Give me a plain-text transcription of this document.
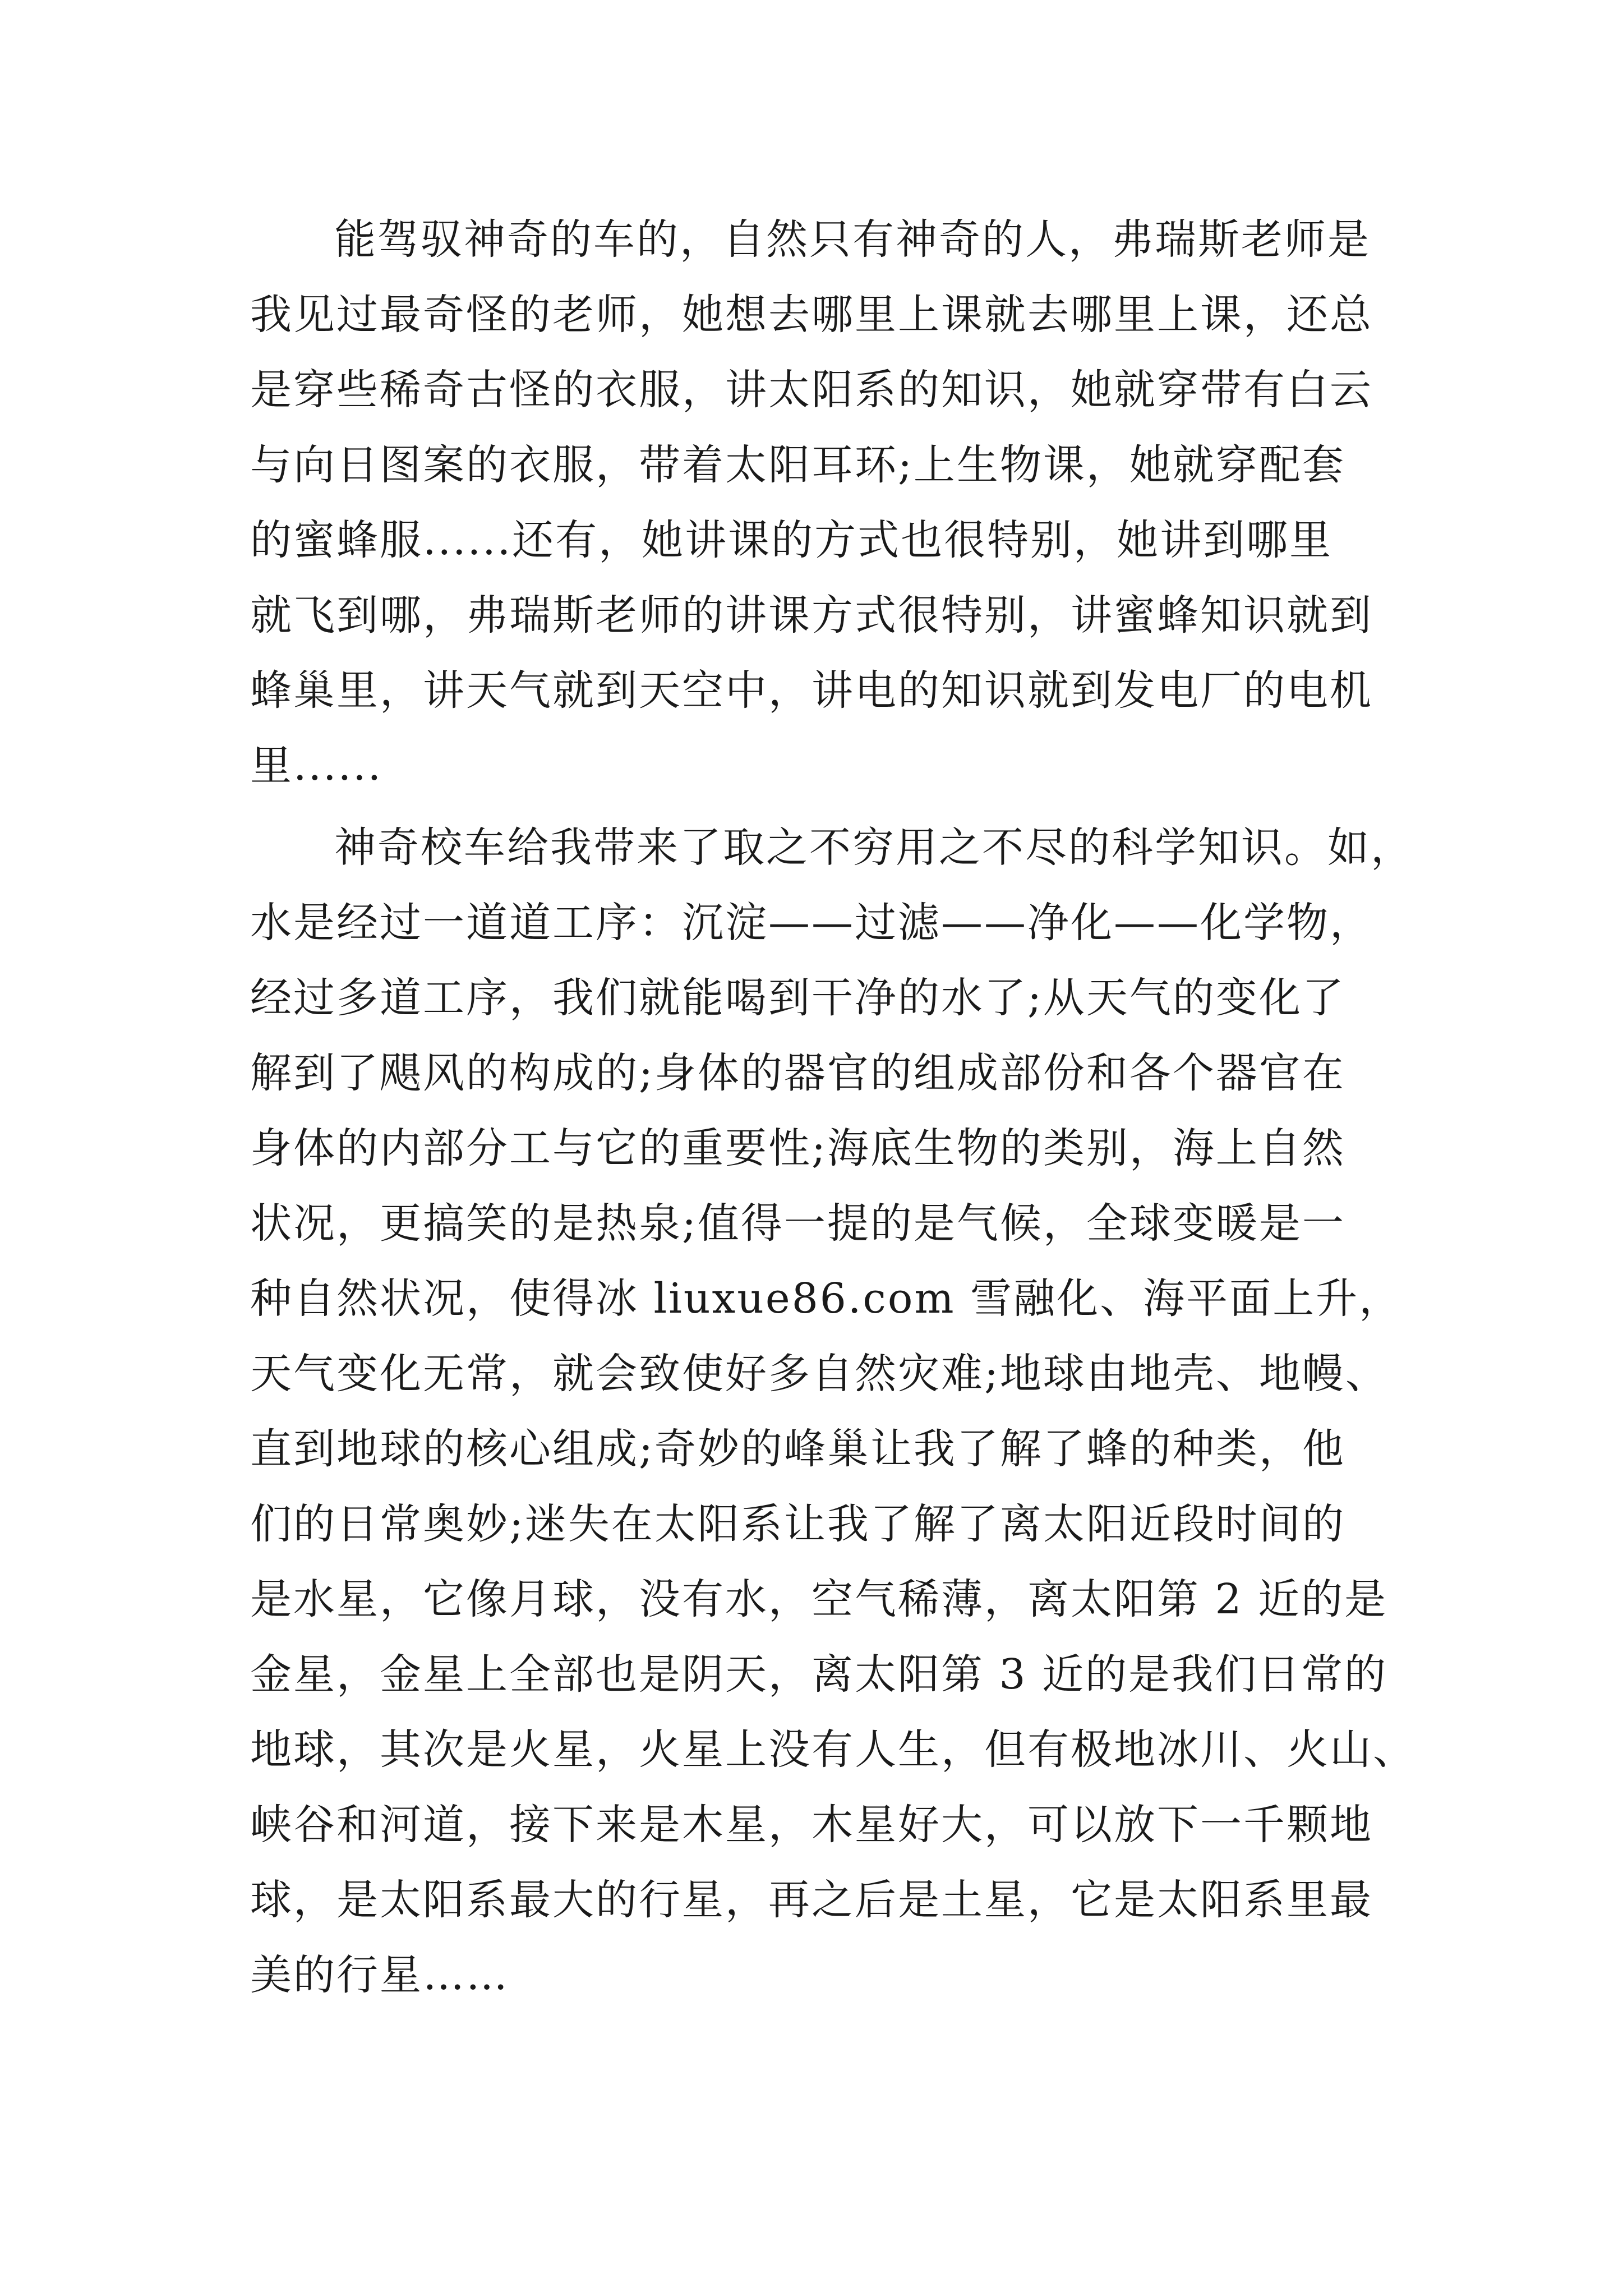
能驾驭神奇的车的，自然只有神奇的人，弗瑞斯老师是
我见过最奇怪的老师，她想去哪里上课就去哪里上课，还总
是穿些稀奇古怪的衣服，讲太阳系的知识，她就穿带有白云
与向日图案的衣服，带着太阳耳环;上生物课，她就穿配套
的蜜蜂服......还有，她讲课的方式也很特别，她讲到哪里
就飞到哪，弗瑞斯老师的讲课方式很特别，讲蜜蜂知识就到
蜂巢里，讲天气就到天空中，讲电的知识就到发电厂的电机
里......
神奇校车给我带来了取之不穷用之不尽的科学知识。如，
水是经过一道道工序：沉淀——过滤——净化——化学物，
经过多道工序，我们就能喝到干净的水了;从天气的变化了
解到了飓风的构成的;身体的器官的组成部份和各个器官在
身体的内部分工与它的重要性;海底生物的类别，海上自然
状况，更搞笑的是热泉;值得一提的是气候，全球变暖是一
种自然状况，使得冰 liuxue86.com 雪融化、海平面上升，
天气变化无常，就会致使好多自然灾难;地球由地壳、地幔、
直到地球的核心组成;奇妙的峰巢让我了解了蜂的种类，他
们的日常奥妙;迷失在太阳系让我了解了离太阳近段时间的
是水星，它像月球，没有水，空气稀薄，离太阳第 2 近的是
金星，金星上全部也是阴天，离太阳第 3 近的是我们日常的
地球，其次是火星，火星上没有人生，但有极地冰川、火山、
峡谷和河道，接下来是木星，木星好大，可以放下一千颗地
球，是太阳系最大的行星，再之后是土星，它是太阳系里最
美的行星……
